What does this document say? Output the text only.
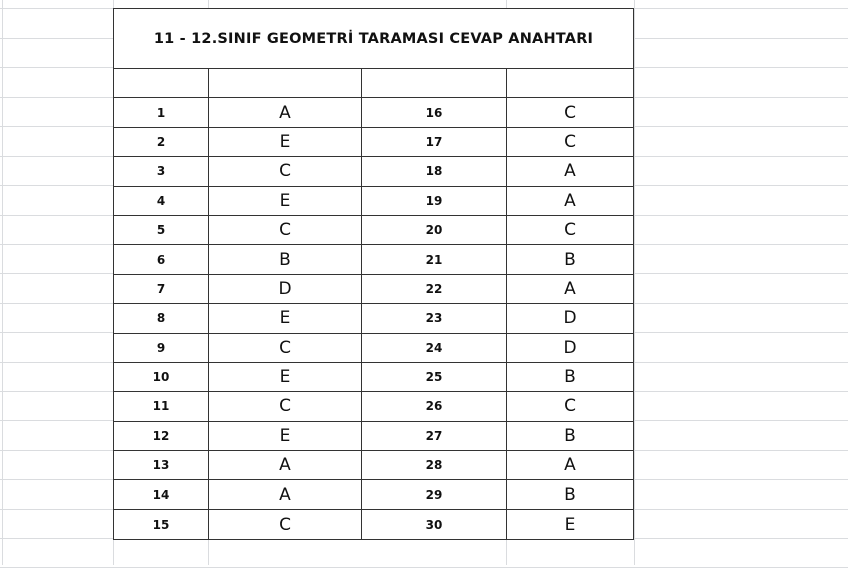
11 - 12.SINIF GEOMETRİ TARAMASI CEVAP ANAHTARI
1	A	16	C
2	E	17	C
3	C	18	A
4	E	19	A
5	C	20	C
6	B	21	B
7	D	22	A
8	E	23	D
9	C	24	D
10	E	25	B
11	C	26	C
12	E	27	B
13	A	28	A
14	A	29	B
15	C	30	E
